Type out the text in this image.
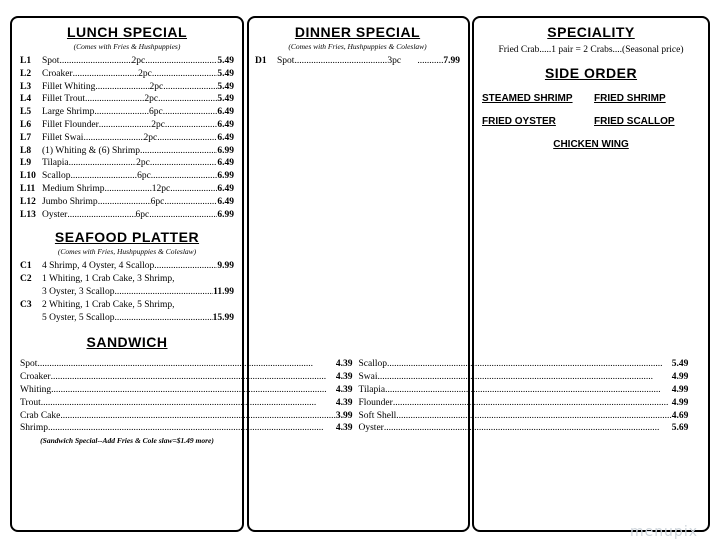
LUNCH SPECIAL
(Comes with Fries & Hushpuppies)
L1	Spot .....	2pc .....	5.49
L2	Croaker .....	2pc .....	5.49
L3	Fillet Whiting .....	2pc .....	5.49
L4	Fillet Trout .....	2pc .....	5.49
L5	Large Shrimp .....	6pc .....	6.49
L6	Fillet Flounder .....	2pc .....	6.49
L7	Fillet Swai .....	2pc .....	6.49
L8	(1) Whiting & (6) Shrimp .....	6.99
L9	Tilapia .....	2pc .....	6.49
L10 Scallop .....	6pc .....	6.99
L11 Medium Shrimp .....	12pc .....	6.49
L12 Jumbo Shrimp .....	6pc .....	6.49
L13 Oyster .....	6pc .....	6.99
SEAFOOD PLATTER
(Comes with Fries, Hushpuppies & Coleslaw)
C1	4 Shrimp, 4 Oyster, 4 Scallop .....	9.99
C2	1 Whiting, 1 Crab Cake, 3 Shrimp,
3 Oyster, 3 Scallop .....	11.99
C3	2 Whiting, 1 Crab Cake, 5 Shrimp,
5 Oyster, 5 Scallop .....	15.99
SANDWICH
Spot .....	4.39
Croaker .....	4.39
Whiting .....	4.39
Trout .....	4.39
Crab Cake .....	3.99
Shrimp .....	4.39
Scallop .....	5.49
Swai .....	4.99
Tilapia .....	4.99
Flounder .....	4.99
Soft Shell .....	4.69
Oyster .....	5.69
(Sandwich Special--Add Fries & Cole slaw=$1.49 more)
DINNER SPECIAL
(Comes with Fries, Hushpuppies & Coleslaw)
D1	Spot .....	3pc .....	7.99
SPECIALITY
Fried Crab.....1 pair = 2 Crabs....(Seasonal price)
SIDE ORDER
STEAMED SHRIMP	FRIED SHRIMP
FRIED OYSTER	FRIED SCALLOP
CHICKEN WING
menupix
